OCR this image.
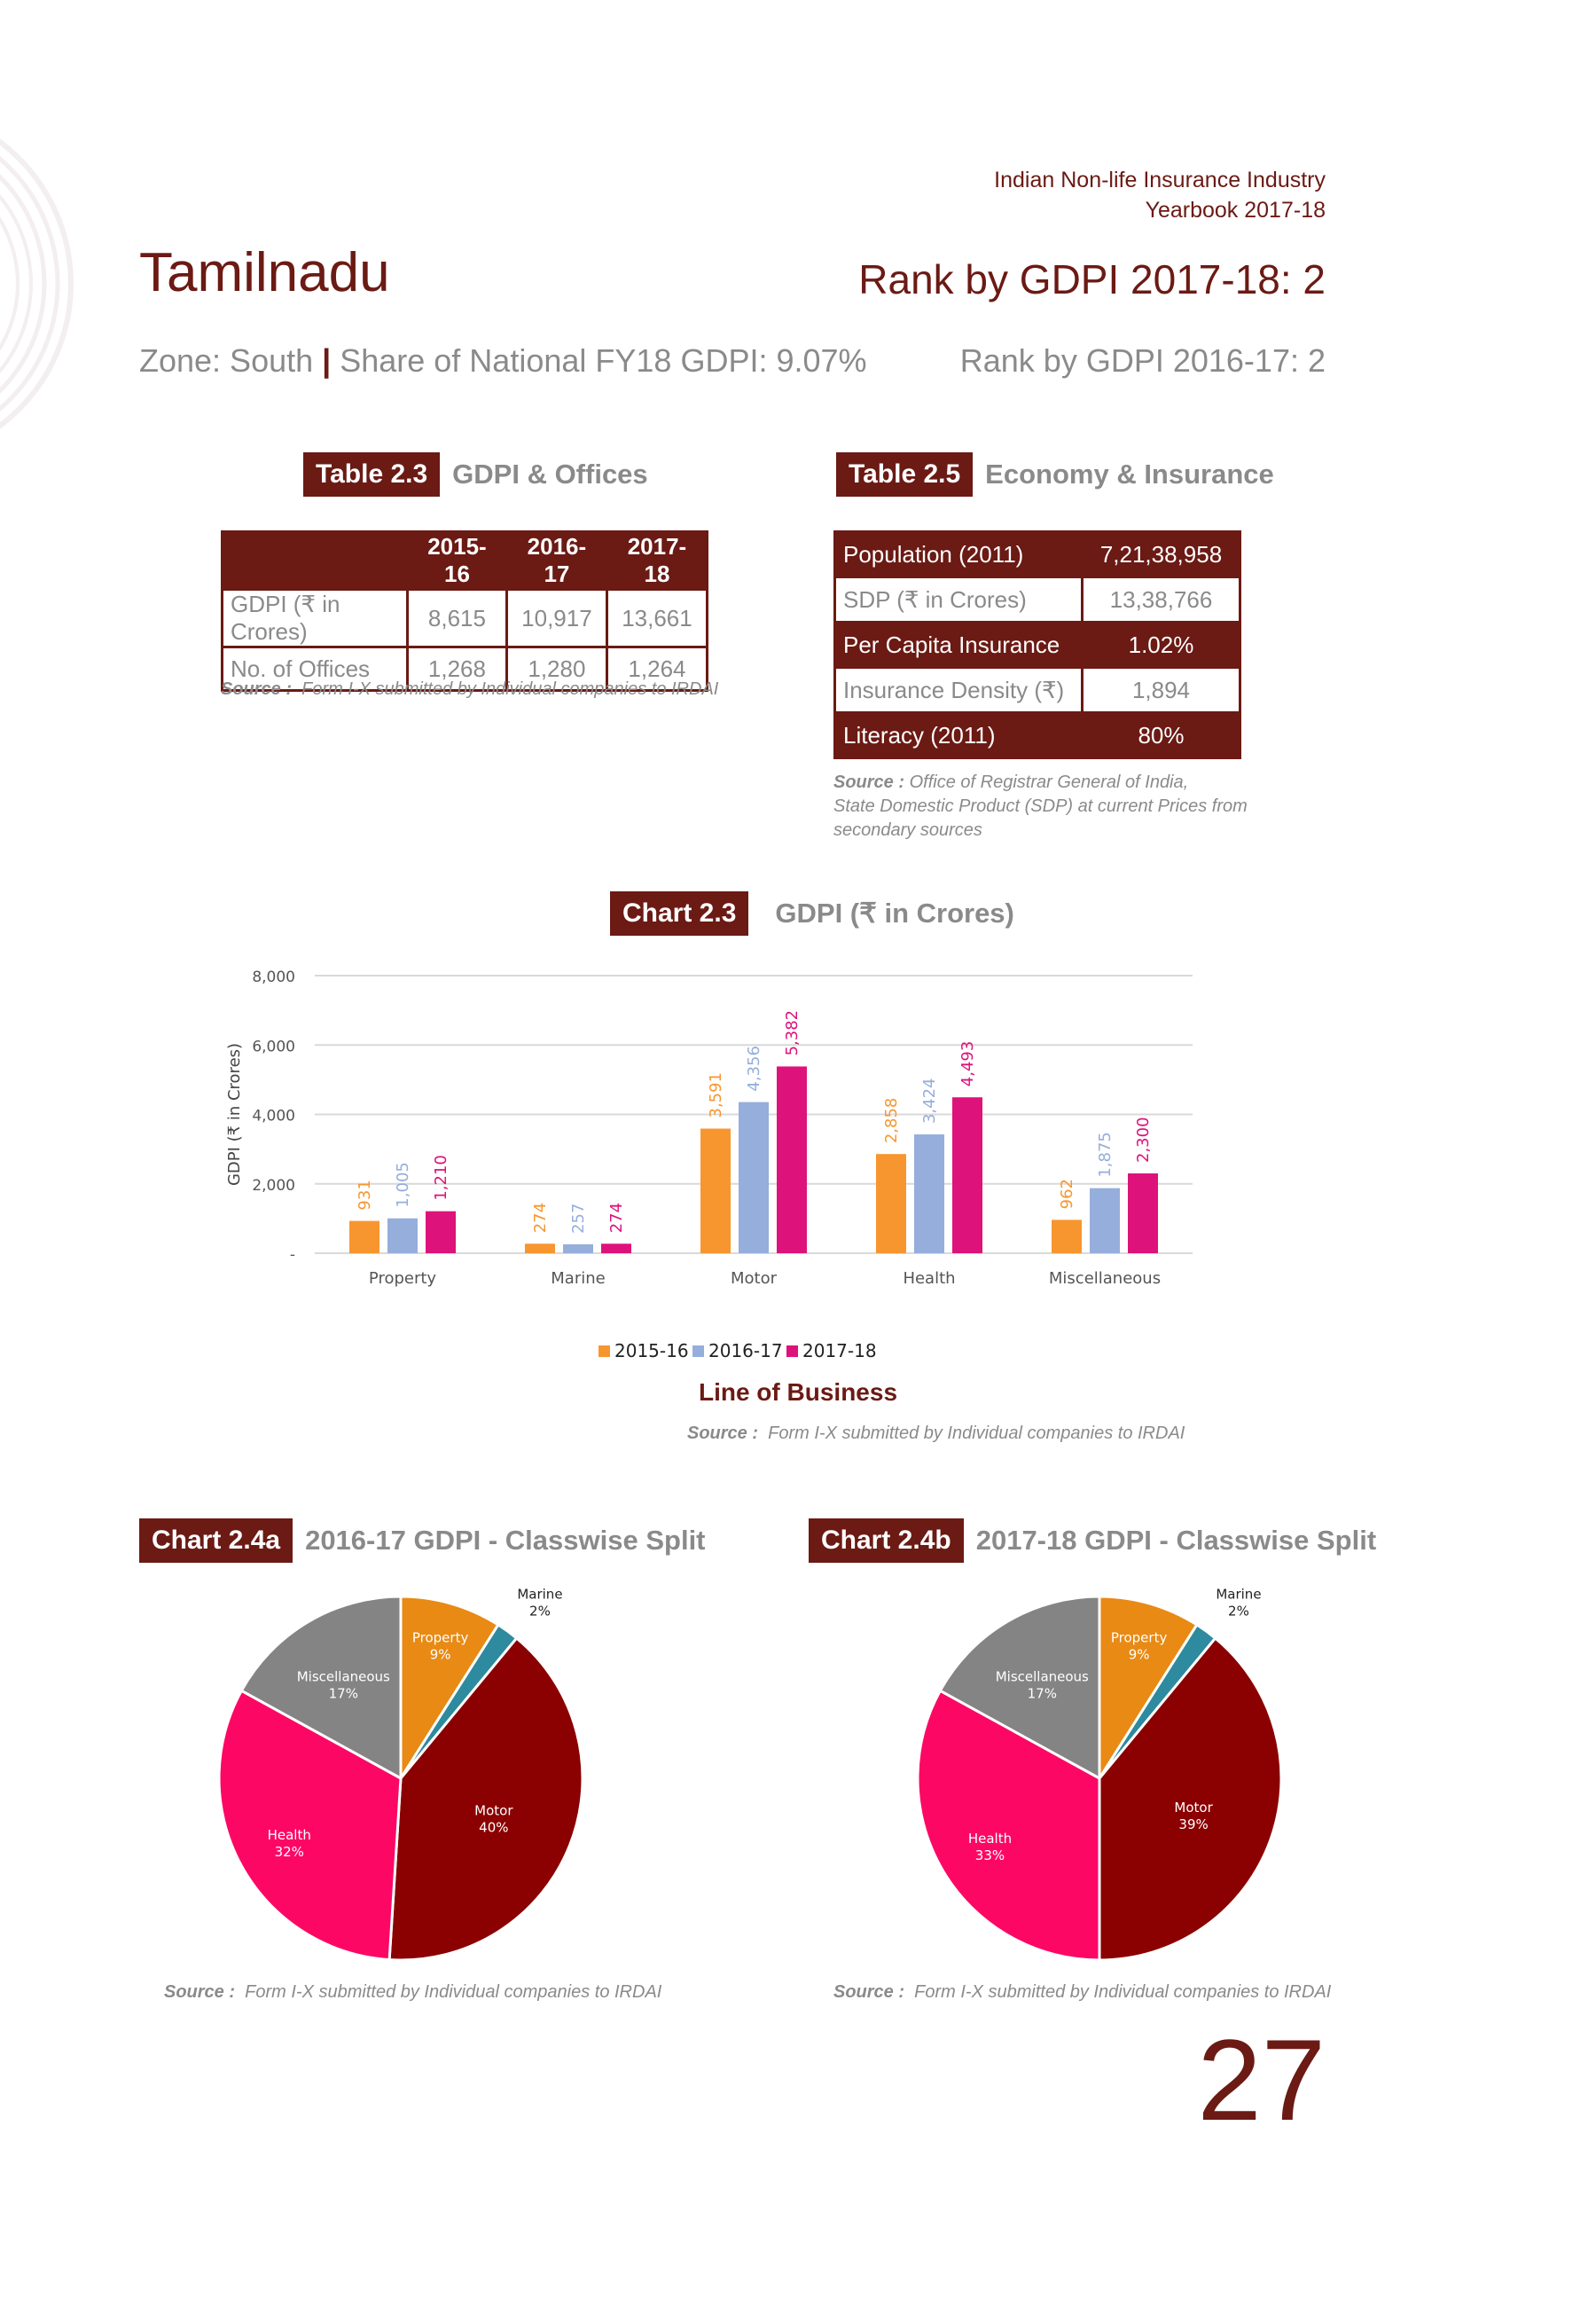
Indian Non-life Insurance Industry
Yearbook 2017-18
Tamilnadu	Rank by GDPI 2017-18: 2
Zone: South | Share of National FY18 GDPI: 9.07%	Rank by GDPI 2016-17: 2
Table 2.3 GDPI & Offices
	2015-16	2016-17	2017-18
GDPI (₹ in Crores)	8,615	10,917	13,661
No. of Offices	1,268	1,280	1,264
Source : Form I-X submitted by Individual companies to IRDAI
Table 2.5 Economy & Insurance
Population (2011)	7,21,38,958
SDP (₹ in Crores)	13,38,766
Per Capita Insurance	1.02%
Insurance Density (₹)	1,894
Literacy (2011)	80%
Source : Office of Registrar General of India,
State Domestic Product (SDP) at current Prices from
secondary sources
Chart 2.3	GDPI (₹ in Crores)
-
2,000
4,000
6,000
8,000
GDPI (₹ in Crores)
Property
931 1,005 1,210
Marine
274 257 274
Motor
3,591
4,356
5,382
Health
2,858 3,424
4,493
Miscellaneous
962
1,875 2,300
2015-16 2016-17 2017-18
Line of Business
Source : Form I-X submitted by Individual companies to IRDAI
Chart 2.4a 2016-17 GDPI - Classwise Split
Property
9%
Marine
2%
Motor
40%
Health
32%
Miscellaneous
17%
Source : Form I-X submitted by Individual companies to IRDAI
Chart 2.4b 2017-18 GDPI - Classwise Split
Property
9%
Marine
2%
Motor
39%
Health
33%
Miscellaneous
17%
Source : Form I-X submitted by Individual companies to IRDAI
27
